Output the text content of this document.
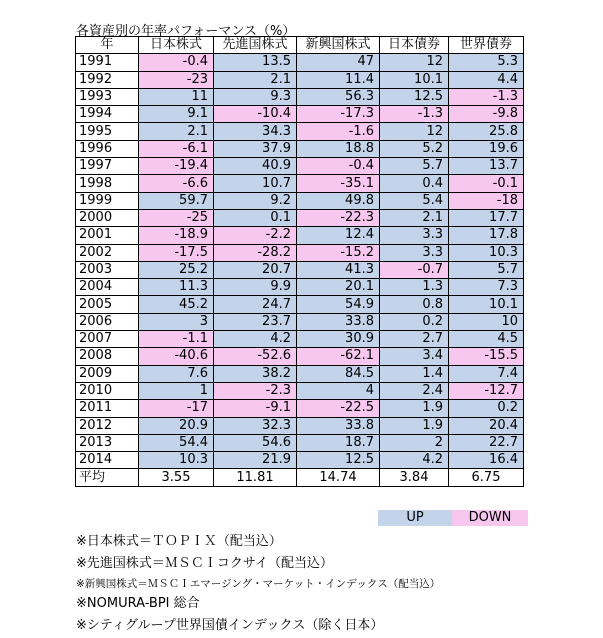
各資産別の年率パフォーマンス（%）
年	日本株式	先進国株式	新興国株式	日本債券	世界債券
1991	-0.4	13.5	47	12	5.3
1992	-23	2.1	11.4	10.1	4.4
1993	11	9.3	56.3	12.5	-1.3
1994	9.1	-10.4	-17.3	-1.3	-9.8
1995	2.1	34.3	-1.6	12	25.8
1996	-6.1	37.9	18.8	5.2	19.6
1997	-19.4	40.9	-0.4	5.7	13.7
1998	-6.6	10.7	-35.1	0.4	-0.1
1999	59.7	9.2	49.8	5.4	-18
2000	-25	0.1	-22.3	2.1	17.7
2001	-18.9	-2.2	12.4	3.3	17.8
2002	-17.5	-28.2	-15.2	3.3	10.3
2003	25.2	20.7	41.3	-0.7	5.7
2004	11.3	9.9	20.1	1.3	7.3
2005	45.2	24.7	54.9	0.8	10.1
2006	3	23.7	33.8	0.2	10
2007	-1.1	4.2	30.9	2.7	4.5
2008	-40.6	-52.6	-62.1	3.4	-15.5
2009	7.6	38.2	84.5	1.4	7.4
2010	1	-2.3	4	2.4	-12.7
2011	-17	-9.1	-22.5	1.9	0.2
2012	20.9	32.3	33.8	1.9	20.4
2013	54.4	54.6	18.7	2	22.7
2014	10.3	21.9	12.5	4.2	16.4
平均	3.55	11.81	14.74	3.84	6.75
UP	DOWN
※日本株式＝ＴＯＰＩＸ（配当込）
※先進国株式＝ＭＳＣＩコクサイ（配当込）
※新興国株式＝ＭＳＣＩエマージング・マーケット・インデックス（配当込）
※NOMURA-BPI 総合
※シティグループ世界国債インデックス（除く日本）
